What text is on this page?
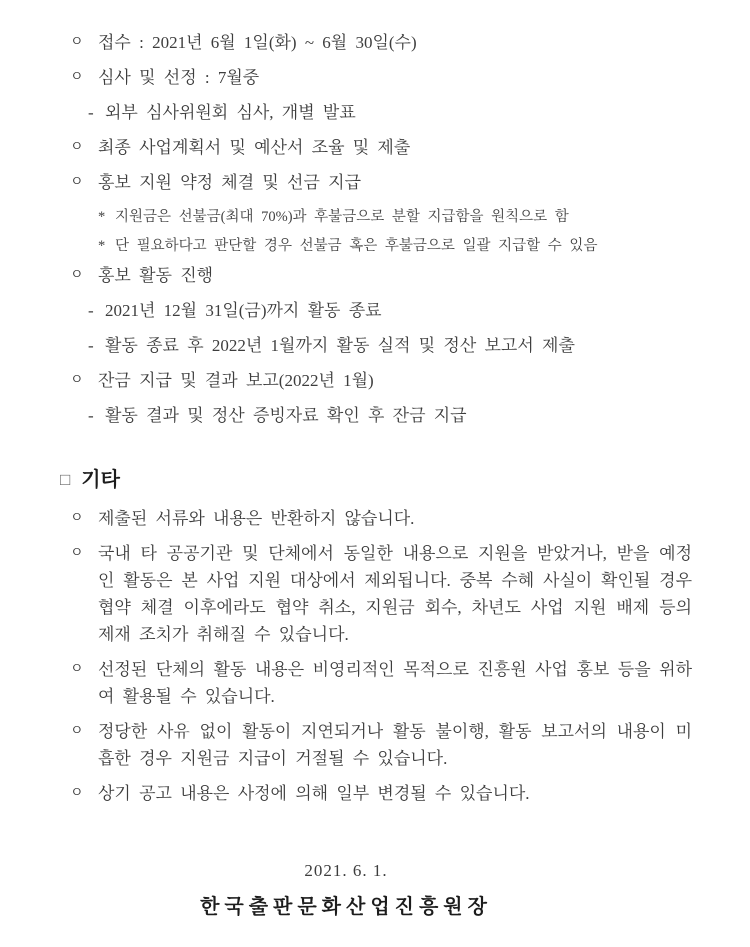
ㅇ 접수 : 2021년 6월 1일(화) ~ 6월 30일(수)
ㅇ 심사 및 선정 : 7월중
- 외부 심사위원회 심사, 개별 발표
ㅇ 최종 사업계획서 및 예산서 조율 및 제출
ㅇ 홍보 지원 약정 체결 및 선금 지급
* 지원금은 선불금(최대 70%)과 후불금으로 분할 지급함을 원칙으로 함
* 단 필요하다고 판단할 경우 선불금 혹은 후불금으로 일괄 지급할 수 있음
ㅇ 홍보 활동 진행
- 2021년 12월 31일(금)까지 활동 종료
- 활동 종료 후 2022년 1월까지 활동 실적 및 정산 보고서 제출
ㅇ 잔금 지급 및 결과 보고(2022년 1월)
- 활동 결과 및 정산 증빙자료 확인 후 잔금 지급
□ 기타
ㅇ 제출된 서류와 내용은 반환하지 않습니다.
ㅇ 국내 타 공공기관 및 단체에서 동일한 내용으로 지원을 받았거나, 받을 예정인 활동은 본 사업 지원 대상에서 제외됩니다. 중복 수혜 사실이 확인될 경우 협약 체결 이후에라도 협약 취소, 지원금 회수, 차년도 사업 지원 배제 등의 제재 조치가 취해질 수 있습니다.
ㅇ 선정된 단체의 활동 내용은 비영리적인 목적으로 진흥원 사업 홍보 등을 위하여 활용될 수 있습니다.
ㅇ 정당한 사유 없이 활동이 지연되거나 활동 불이행, 활동 보고서의 내용이 미흡한 경우 지원금 지급이 거절될 수 있습니다.
ㅇ 상기 공고 내용은 사정에 의해 일부 변경될 수 있습니다.
2021. 6. 1.
한국출판문화산업진흥원장
